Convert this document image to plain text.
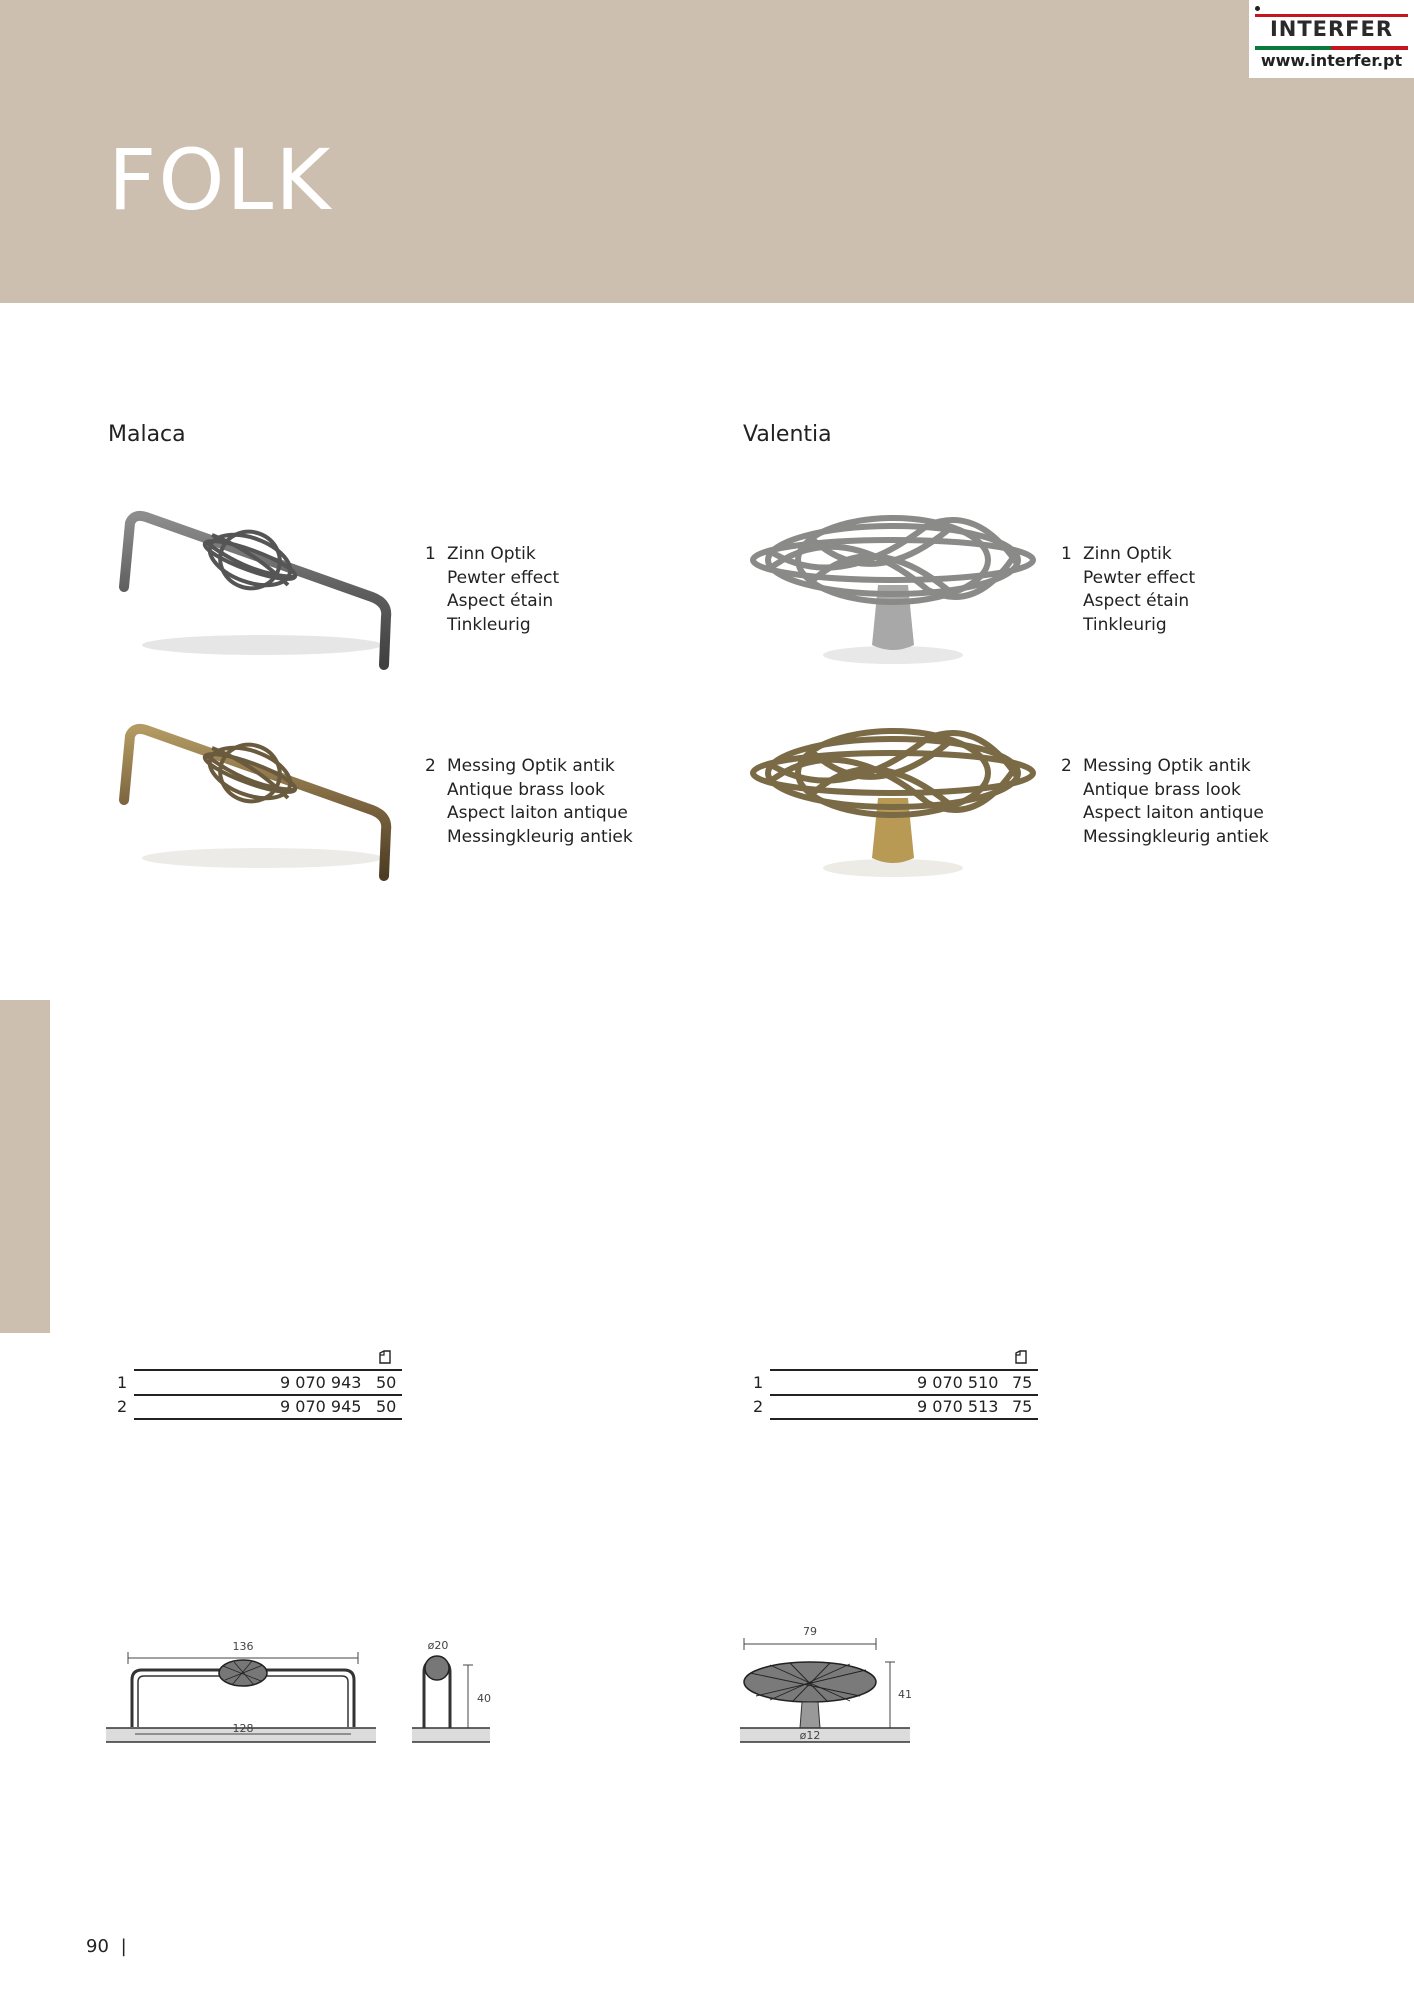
INTERFER
www.interfer.pt
FOLK
Malaca
1 Zinn Optik
Pewter effect
Aspect étain
Tinkleurig
2 Messing Optik antik
Antique brass look
Aspect laiton antique
Messingkleurig antiek
1	9 070 943 50
2	9 070 945 50
136
128
ø20
40
Valentia
1 Zinn Optik
Pewter effect
Aspect étain
Tinkleurig
2 Messing Optik antik
Antique brass look
Aspect laiton antique
Messingkleurig antiek
1	9 070 510 75
2	9 070 513 75
79
41
ø12
90 |
